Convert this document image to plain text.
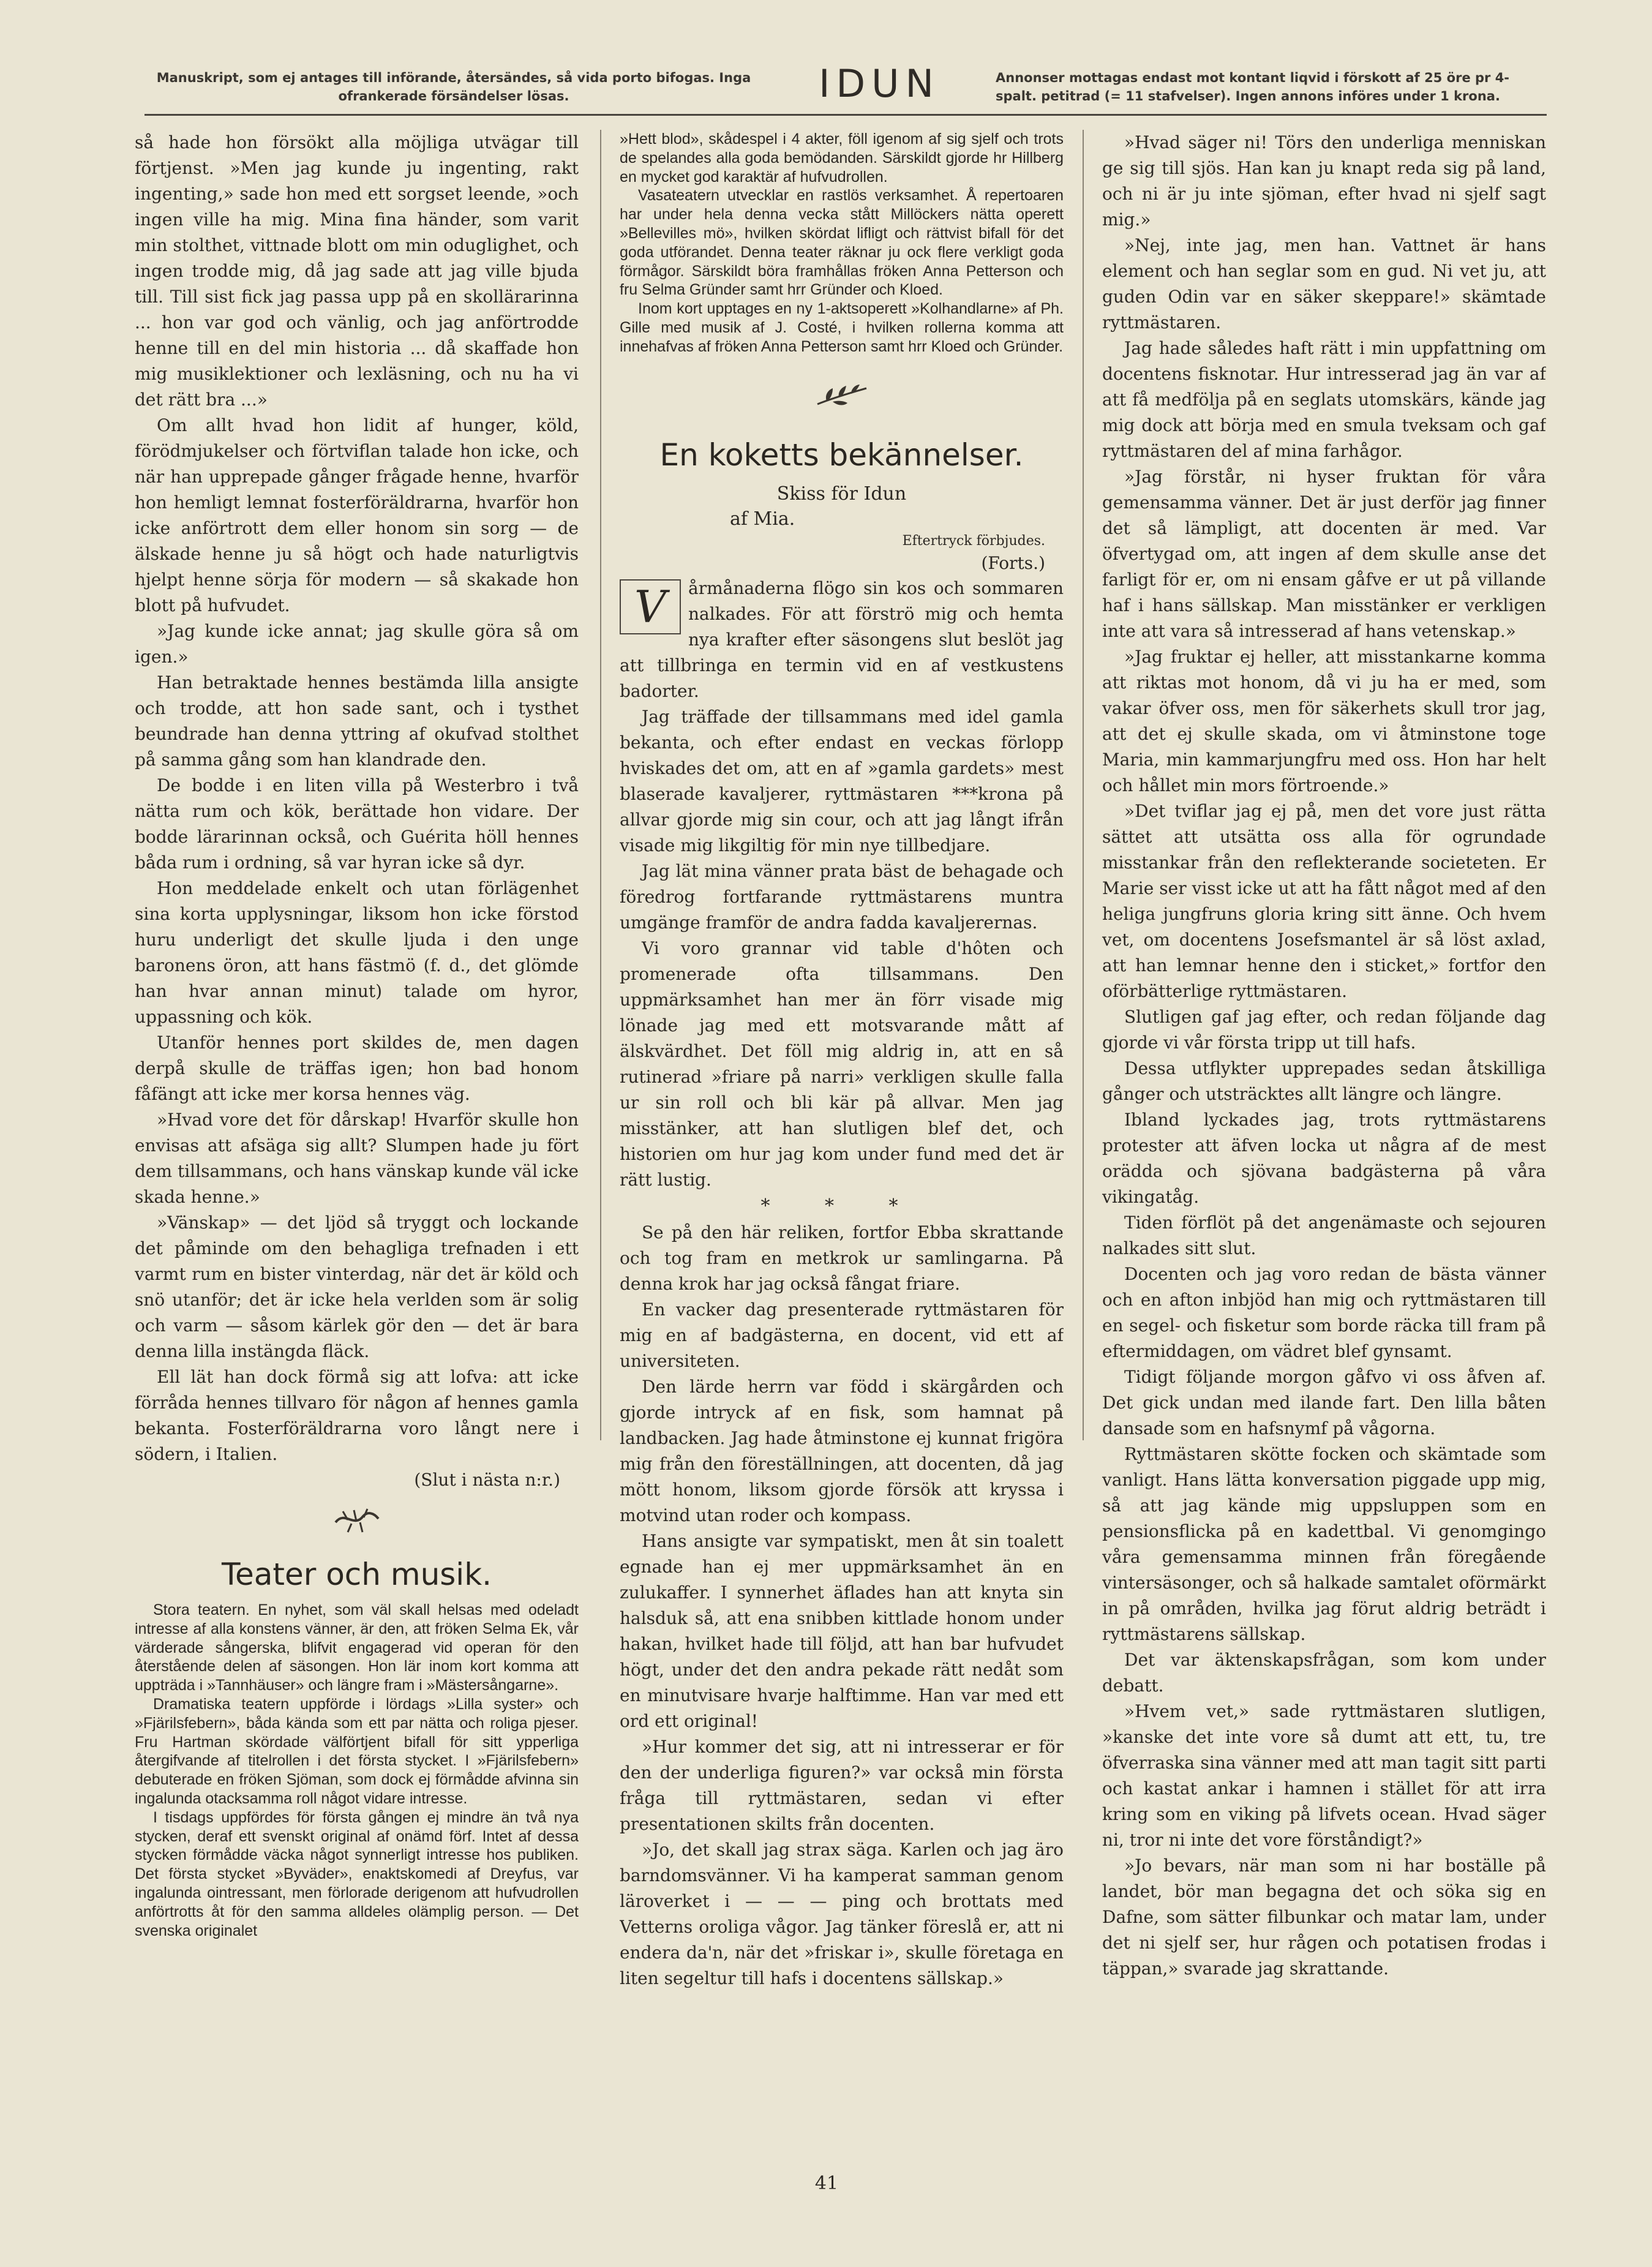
Manuskript, som ej antages till införande, återsändes, så vida porto bifogas. Inga ofrankerade försändelser lösas.	IDUN	Annonser mottagas endast mot kontant liqvid i förskott af 25 öre pr 4-spalt. petitrad (= 11 stafvelser). Ingen annons införes under 1 krona.

så hade hon försökt alla möjliga utvägar till förtjenst. »Men jag kunde ju ingenting, rakt ingenting,» sade hon med ett sorgset leende, »och ingen ville ha mig. Mina fina händer, som varit min stolthet, vittnade blott om min oduglighet, och ingen trodde mig, då jag sade att jag ville bjuda till. Till sist fick jag passa upp på en skollärarinna ... hon var god och vänlig, och jag anförtrodde henne till en del min historia ... då skaffade hon mig musiklektioner och lexläsning, och nu ha vi det rätt bra ...»

Om allt hvad hon lidit af hunger, köld, förödmjukelser och förtviflan talade hon icke, och när han upprepade gånger frågade henne, hvarför hon hemligt lemnat fosterföräldrarna, hvarför hon icke anförtrott dem eller honom sin sorg — de älskade henne ju så högt och hade naturligtvis hjelpt henne sörja för modern — så skakade hon blott på hufvudet.

»Jag kunde icke annat; jag skulle göra så om igen.»

Han betraktade hennes bestämda lilla ansigte och trodde, att hon sade sant, och i tysthet beundrade han denna yttring af okufvad stolthet på samma gång som han klandrade den.

De bodde i en liten villa på Westerbro i två nätta rum och kök, berättade hon vidare. Der bodde lärarinnan också, och Guérita höll hennes båda rum i ordning, så var hyran icke så dyr.

Hon meddelade enkelt och utan förlägenhet sina korta upplysningar, liksom hon icke förstod huru underligt det skulle ljuda i den unge baronens öron, att hans fästmö (f. d., det glömde han hvar annan minut) talade om hyror, uppassning och kök.

Utanför hennes port skildes de, men dagen derpå skulle de träffas igen; hon bad honom fåfängt att icke mer korsa hennes väg.

»Hvad vore det för dårskap! Hvarför skulle hon envisas att afsäga sig allt? Slumpen hade ju fört dem tillsammans, och hans vänskap kunde väl icke skada henne.»

»Vänskap» — det ljöd så tryggt och lockande det påminde om den behagliga trefnaden i ett varmt rum en bister vinterdag, när det är köld och snö utanför; det är icke hela verlden som är solig och varm — såsom kärlek gör den — det är bara denna lilla instängda fläck.

Ell lät han dock förmå sig att lofva: att icke förråda hennes tillvaro för någon af hennes gamla bekanta. Fosterföräldrarna voro långt nere i södern, i Italien.

(Slut i nästa n:r.)
Teater och musik.

Stora teatern. En nyhet, som väl skall helsas med odeladt intresse af alla konstens vänner, är den, att fröken Selma Ek, vår värderade sångerska, blifvit engagerad vid operan för den återstående delen af säsongen. Hon lär inom kort komma att uppträda i »Tannhäuser» och längre fram i »Mästersångarne».

Dramatiska teatern uppförde i lördags »Lilla syster» och »Fjärilsfebern», båda kända som ett par nätta och roliga pjeser. Fru Hartman skördade välförtjent bifall för sitt ypperliga återgifvande af titelrollen i det första stycket. I »Fjärilsfebern» debuterade en fröken Sjöman, som dock ej förmådde afvinna sin ingalunda otacksamma roll något vidare intresse.

I tisdags uppfördes för första gången ej mindre än två nya stycken, deraf ett svenskt original af onämd förf. Intet af dessa stycken förmådde väcka något synnerligt intresse hos publiken. Det första stycket »Byväder», enaktskomedi af Dreyfus, var ingalunda ointressant, men förlorade derigenom att hufvudrollen anförtrotts åt för den samma alldeles olämplig person. — Det svenska originalet

»Hett blod», skådespel i 4 akter, föll igenom af sig sjelf och trots de spelandes alla goda bemödanden. Särskildt gjorde hr Hillberg en mycket god karaktär af hufvudrollen.

Vasateatern utvecklar en rastlös verksamhet. Å repertoaren har under hela denna vecka stått Millöckers nätta operett »Bellevilles mö», hvilken skördat lifligt och rättvist bifall för det goda utförandet. Denna teater räknar ju ock flere verkligt goda förmågor. Särskildt böra framhållas fröken Anna Petterson och fru Selma Gründer samt hrr Gründer och Kloed.

Inom kort upptages en ny 1-aktsoperett »Kolhandlarne» af Ph. Gille med musik af J. Costé, i hvilken rollerna komma att innehafvas af fröken Anna Petterson samt hrr Kloed och Gründer.

En koketts bekännelser.
Skiss för Idun
af Mia.
Eftertryck förbjudes.
(Forts.)
V	årmånaderna flögo sin kos och sommaren nalkades. För att förströ mig och hemta nya krafter efter säsongens slut beslöt jag att tillbringa en termin vid en af vestkustens badorter.

Jag träffade der tillsammans med idel gamla bekanta, och efter endast en veckas förlopp hviskades det om, att en af »gamla gardets» mest blaserade kavaljerer, ryttmästaren ***krona på allvar gjorde mig sin cour, och att jag långt ifrån visade mig likgiltig för min nye tillbedjare.

Jag lät mina vänner prata bäst de behagade och föredrog fortfarande ryttmästarens muntra umgänge framför de andra fadda kavaljerernas.

Vi voro grannar vid table d'hôten och promenerade ofta tillsammans. Den uppmärksamhet han mer än förr visade mig lönade jag med ett motsvarande mått af älskvärdhet. Det föll mig aldrig in, att en så rutinerad »friare på narri» verkligen skulle falla ur sin roll och bli kär på allvar. Men jag misstänker, att han slutligen blef det, och historien om hur jag kom under fund med det är rätt lustig.

* * *

Se på den här reliken, fortfor Ebba skrattande och tog fram en metkrok ur samlingarna. På denna krok har jag också fångat friare.

En vacker dag presenterade ryttmästaren för mig en af badgästerna, en docent, vid ett af universiteten.

Den lärde herrn var född i skärgården och gjorde intryck af en fisk, som hamnat på landbacken. Jag hade åtminstone ej kunnat frigöra mig från den föreställningen, att docenten, då jag mött honom, liksom gjorde försök att kryssa i motvind utan roder och kompass.

Hans ansigte var sympatiskt, men åt sin toalett egnade han ej mer uppmärksamhet än en zulukaffer. I synnerhet äflades han att knyta sin halsduk så, att ena snibben kittlade honom under hakan, hvilket hade till följd, att han bar hufvudet högt, under det den andra pekade rätt nedåt som en minutvisare hvarje halftimme. Han var med ett ord ett original!

»Hur kommer det sig, att ni intresserar er för den der underliga figuren?» var också min första fråga till ryttmästaren, sedan vi efter presentationen skilts från docenten.

»Jo, det skall jag strax säga. Karlen och jag äro barndomsvänner. Vi ha kamperat samman genom läroverket i — — — ping och brottats med Vetterns oroliga vågor. Jag tänker föreslå er, att ni endera da'n, när det »friskar i», skulle företaga en liten segeltur till hafs i docentens sällskap.»

»Hvad säger ni! Törs den underliga menniskan ge sig till sjös. Han kan ju knapt reda sig på land, och ni är ju inte sjöman, efter hvad ni sjelf sagt mig.»

»Nej, inte jag, men han. Vattnet är hans element och han seglar som en gud. Ni vet ju, att guden Odin var en säker skeppare!» skämtade ryttmästaren.

Jag hade således haft rätt i min uppfattning om docentens fisknotar. Hur intresserad jag än var af att få medfölja på en seglats utomskärs, kände jag mig dock att börja med en smula tveksam och gaf ryttmästaren del af mina farhågor.

»Jag förstår, ni hyser fruktan för våra gemensamma vänner. Det är just derför jag finner det så lämpligt, att docenten är med. Var öfvertygad om, att ingen af dem skulle anse det farligt för er, om ni ensam gåfve er ut på villande haf i hans sällskap. Man misstänker er verkligen inte att vara så intresserad af hans vetenskap.»

»Jag fruktar ej heller, att misstankarne komma att riktas mot honom, då vi ju ha er med, som vakar öfver oss, men för säkerhets skull tror jag, att det ej skulle skada, om vi åtminstone toge Maria, min kammarjungfru med oss. Hon har helt och hållet min mors förtroende.»

»Det tviflar jag ej på, men det vore just rätta sättet att utsätta oss alla för ogrundade misstankar från den reflekterande societeten. Er Marie ser visst icke ut att ha fått något med af den heliga jungfruns gloria kring sitt änne. Och hvem vet, om docentens Josefsmantel är så löst axlad, att han lemnar henne den i sticket,» fortfor den oförbätterlige ryttmästaren.

Slutligen gaf jag efter, och redan följande dag gjorde vi vår första tripp ut till hafs.

Dessa utflykter upprepades sedan åtskilliga gånger och utsträcktes allt längre och längre.

Ibland lyckades jag, trots ryttmästarens protester att äfven locka ut några af de mest orädda och sjövana badgästerna på våra vikingatåg.

Tiden förflöt på det angenämaste och sejouren nalkades sitt slut.

Docenten och jag voro redan de bästa vänner och en afton inbjöd han mig och ryttmästaren till en segel- och fisketur som borde räcka till fram på eftermiddagen, om vädret blef gynsamt.

Tidigt följande morgon gåfvo vi oss åfven af. Det gick undan med ilande fart. Den lilla båten dansade som en hafsnymf på vågorna.

Ryttmästaren skötte focken och skämtade som vanligt. Hans lätta konversation piggade upp mig, så att jag kände mig uppsluppen som en pensionsflicka på en kadettbal. Vi genomgingo våra gemensamma minnen från föregående vintersäsonger, och så halkade samtalet oförmärkt in på områden, hvilka jag förut aldrig beträdt i ryttmästarens sällskap.

Det var äktenskapsfrågan, som kom under debatt.

»Hvem vet,» sade ryttmästaren slutligen, »kanske det inte vore så dumt att ett, tu, tre öfverraska sina vänner med att man tagit sitt parti och kastat ankar i hamnen i stället för att irra kring som en viking på lifvets ocean. Hvad säger ni, tror ni inte det vore förståndigt?»

»Jo bevars, när man som ni har boställe på landet, bör man begagna det och söka sig en Dafne, som sätter filbunkar och matar lam, under det ni sjelf ser, hur rågen och potatisen frodas i täppan,» svarade jag skrattande.

41
